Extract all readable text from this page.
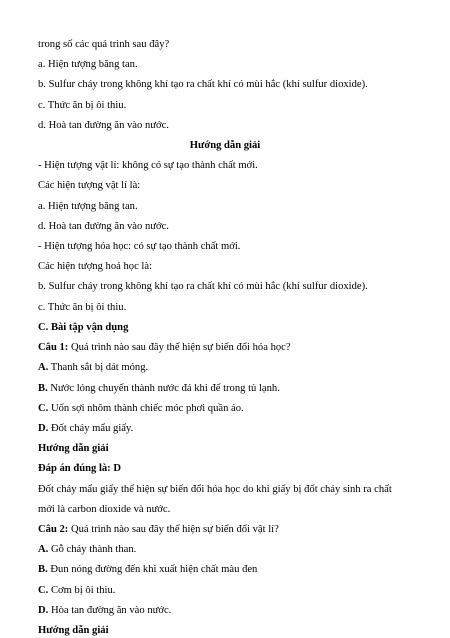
trong số các quá trình sau đây?
a. Hiện tượng băng tan.
b. Sulfur cháy trong không khí tạo ra chất khí có mùi hắc (khí sulfur dioxide).
c. Thức ăn bị ôi thiu.
d. Hoà tan đường ăn vào nước.
Hướng dẫn giải
- Hiện tượng vật lí: không có sự tạo thành chất mới.
Các hiện tượng vật lí là:
a. Hiện tượng băng tan.
d. Hoà tan đường ăn vào nước.
- Hiện tượng hóa học: có sự tạo thành chất mới.
Các hiện tượng hoá học là:
b. Sulfur cháy trong không khí tạo ra chất khí có mùi hắc (khí sulfur dioxide).
c. Thức ăn bị ôi thiu.
C. Bài tập vận dụng
Câu 1: Quá trình nào sau đây thể hiện sự biến đổi hóa học?
A. Thanh sắt bị dát mỏng.
B. Nước lỏng chuyển thành nước đá khi để trong tủ lạnh.
C. Uốn sợi nhôm thành chiếc móc phơi quần áo.
D. Đốt cháy mẩu giấy.
Hướng dẫn giải
Đáp án đúng là: D
Đốt cháy mẩu giấy thể hiện sự biến đổi hóa học do khi giấy bị đốt cháy sinh ra chất
mới là carbon dioxide và nước.
Câu 2: Quá trình nào sau đây thể hiện sự biến đổi vật lí?
A. Gỗ cháy thành than.
B. Đun nóng đường đến khi xuất hiện chất màu đen
C. Cơm bị ôi thiu.
D. Hòa tan đường ăn vào nước.
Hướng dẫn giải
